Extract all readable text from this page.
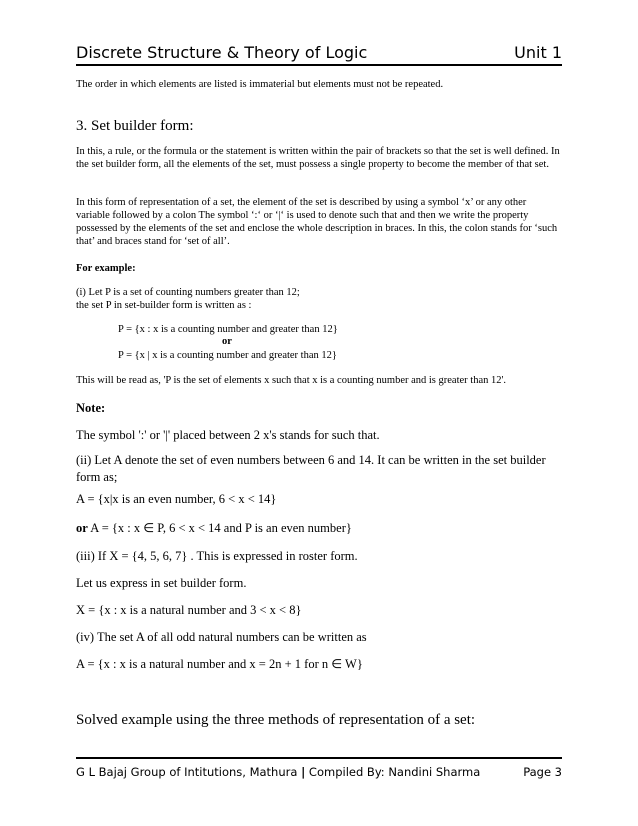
Discrete Structure & Theory of Logic	Unit 1
The order in which elements are listed is immaterial but elements must not be repeated.
3. Set builder form:
In this, a rule, or the formula or the statement is written within the pair of brackets so that the set is well defined. In the set builder form, all the elements of the set, must possess a single property to become the member of that set.
In this form of representation of a set, the element of the set is described by using a symbol ‘x’ or any other variable followed by a colon The symbol ‘:‘ or ‘|‘ is used to denote such that and then we write the property possessed by the elements of the set and enclose the whole description in braces. In this, the colon stands for ‘such that’ and braces stand for ‘set of all’.
For example:
(i) Let P is a set of counting numbers greater than 12;
the set P in set-builder form is written as :
P = {x : x is a counting number and greater than 12}
or
P = {x | x is a counting number and greater than 12}
This will be read as, 'P is the set of elements x such that x is a counting number and is greater than 12'.
Note:
The symbol ':' or '|' placed between 2 x's stands for such that.
(ii) Let A denote the set of even numbers between 6 and 14. It can be written in the set builder form as;
A = {x|x is an even number, 6 < x < 14}
or A = {x : x ∈ P, 6 < x < 14 and P is an even number}
(iii) If X = {4, 5, 6, 7} . This is expressed in roster form.
Let us express in set builder form.
X = {x : x is a natural number and 3 < x < 8}
(iv) The set A of all odd natural numbers can be written as
A = {x : x is a natural number and x = 2n + 1 for n ∈ W}
Solved example using the three methods of representation of a set:
G L Bajaj Group of Intitutions, Mathura | Compiled By: Nandini Sharma	Page 3
